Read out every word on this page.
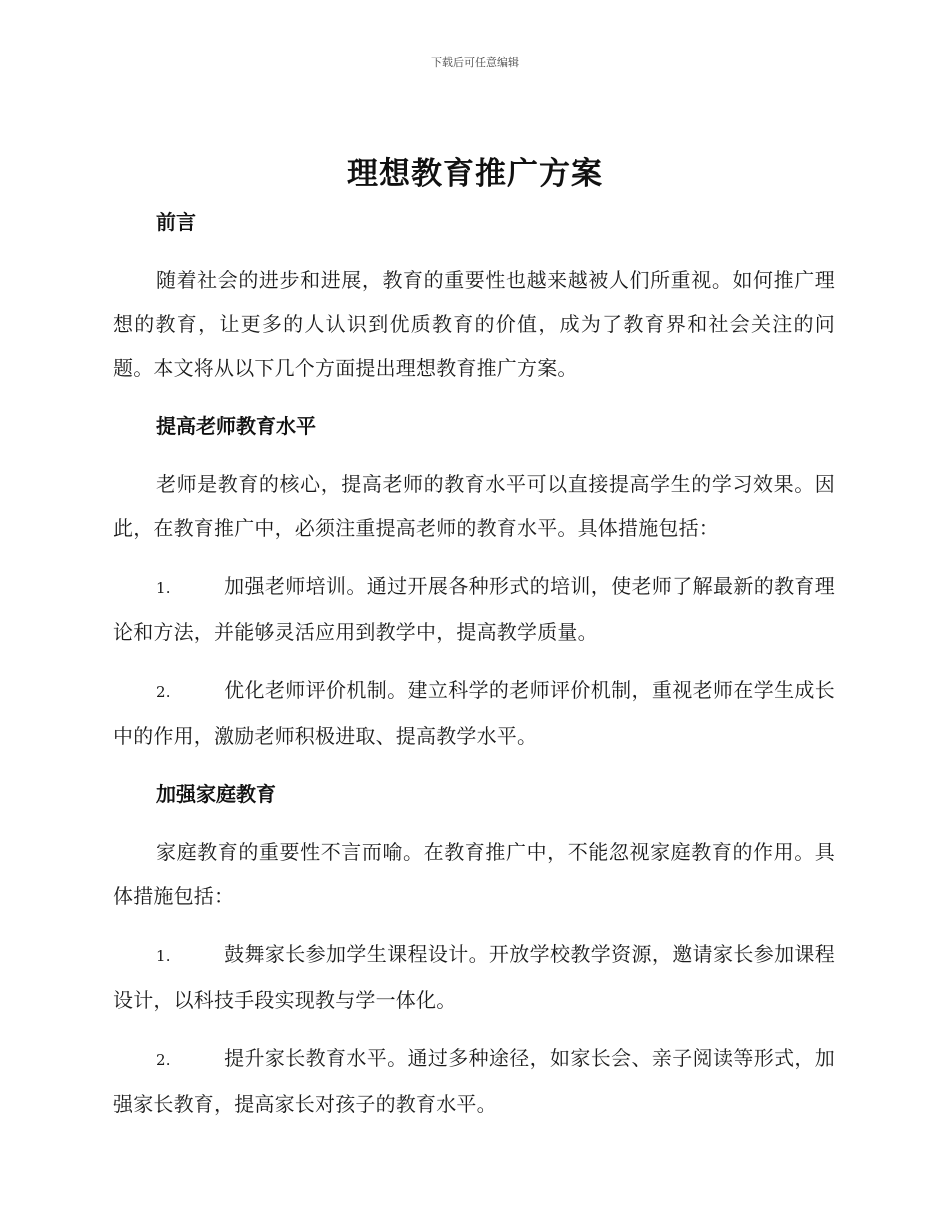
下载后可任意编辑
理想教育推广方案
前言

随着社会的进步和进展，教育的重要性也越来越被人们所重视。如何推广理想的教育，让更多的人认识到优质教育的价值，成为了教育界和社会关注的问题。本文将从以下几个方面提出理想教育推广方案。

提高老师教育水平

老师是教育的核心，提高老师的教育水平可以直接提高学生的学习效果。因此，在教育推广中，必须注重提高老师的教育水平。具体措施包括：

1.	加强老师培训。通过开展各种形式的培训，使老师了解最新的教育理论和方法，并能够灵活应用到教学中，提高教学质量。

2.	优化老师评价机制。建立科学的老师评价机制，重视老师在学生成长中的作用，激励老师积极进取、提高教学水平。

加强家庭教育

家庭教育的重要性不言而喻。在教育推广中，不能忽视家庭教育的作用。具体措施包括：

1.	鼓舞家长参加学生课程设计。开放学校教学资源，邀请家长参加课程设计，以科技手段实现教与学一体化。

2.	提升家长教育水平。通过多种途径，如家长会、亲子阅读等形式，加强家长教育，提高家长对孩子的教育水平。
